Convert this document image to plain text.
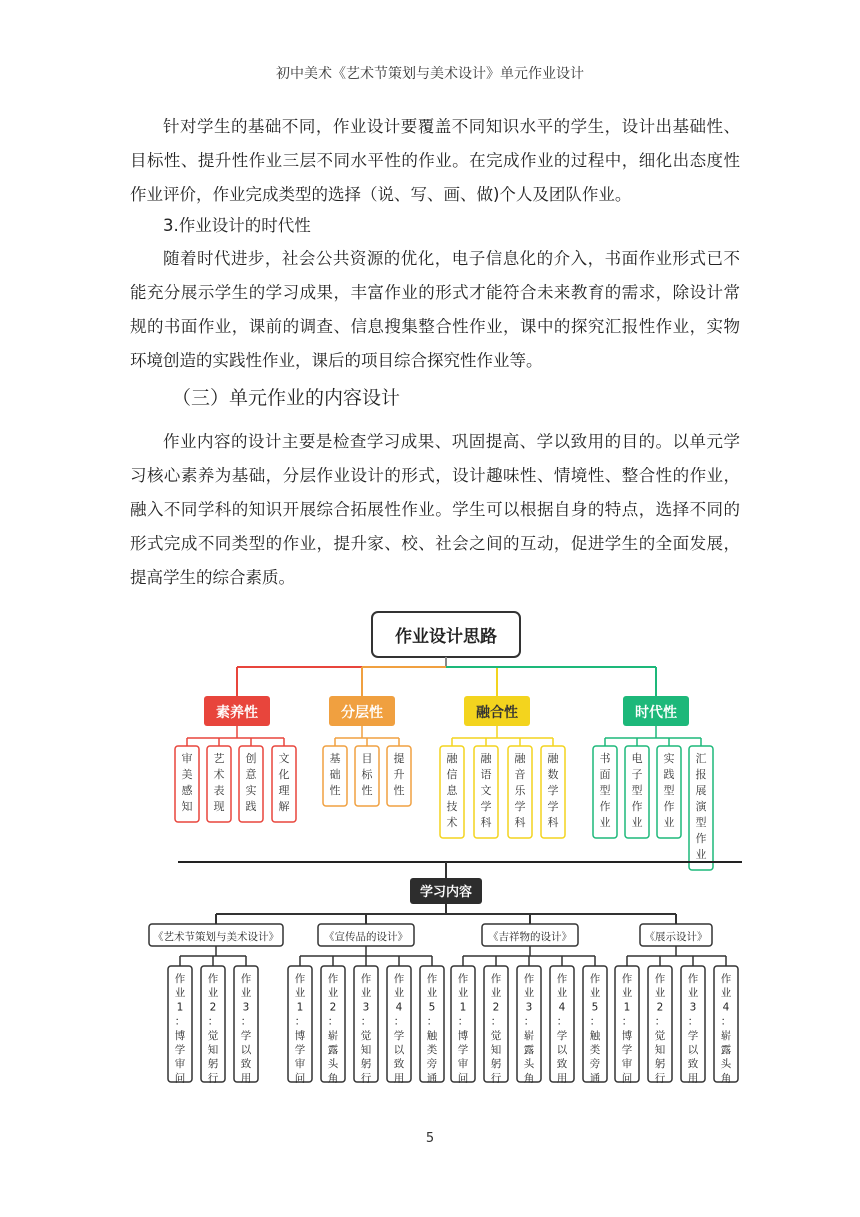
初中美术《艺术节策划与美术设计》单元作业设计

针对学生的基础不同，作业设计要覆盖不同知识水平的学生，设计出基础性、目标性、提升性作业三层不同水平性的作业。在完成作业的过程中，细化出态度性作业评价，作业完成类型的选择（说、写、画、做)个人及团队作业。

3.作业设计的时代性

随着时代进步，社会公共资源的优化，电子信息化的介入，书面作业形式已不能充分展示学生的学习成果，丰富作业的形式才能符合未来教育的需求，除设计常规的书面作业，课前的调查、信息搜集整合性作业，课中的探究汇报性作业，实物环境创造的实践性作业，课后的项目综合探究性作业等。

（三）单元作业的内容设计

作业内容的设计主要是检查学习成果、巩固提高、学以致用的目的。以单元学习核心素养为基础，分层作业设计的形式，设计趣味性、情境性、整合性的作业，融入不同学科的知识开展综合拓展性作业。学生可以根据自身的特点，选择不同的形式完成不同类型的作业，提升家、校、社会之间的互动，促进学生的全面发展，提高学生的综合素质。

作业设计思路
素养性
审美感知
艺术表现
创意实践
文化理解
分层性
基础性
目标性
提升性
融合性
融信息技术
融语文学科
融音乐学科
融数学学科
时代性
书面型作业
电子型作业
实践型作业
汇报展演型作业
学习内容
《艺术节策划与美术设计》
作业 1 ：博学审问
作业 2 ：觉知躬行
作业 3 ：学以致用
《宣传品的设计》
作业 1 ：博学审问
作业 2 ：崭露头角
作业 3 ：觉知躬行
作业 4 ：学以致用
作业 5 ：触类旁通
《吉祥物的设计》
作业 1 ：博学审问
作业 2 ：觉知躬行
作业 3 ：崭露头角
作业 4 ：学以致用
作业 5 ：触类旁通
《展示设计》
作业 1 ：博学审问
作业 2 ：觉知躬行
作业 3 ：学以致用
作业 4 ：崭露头角
5
